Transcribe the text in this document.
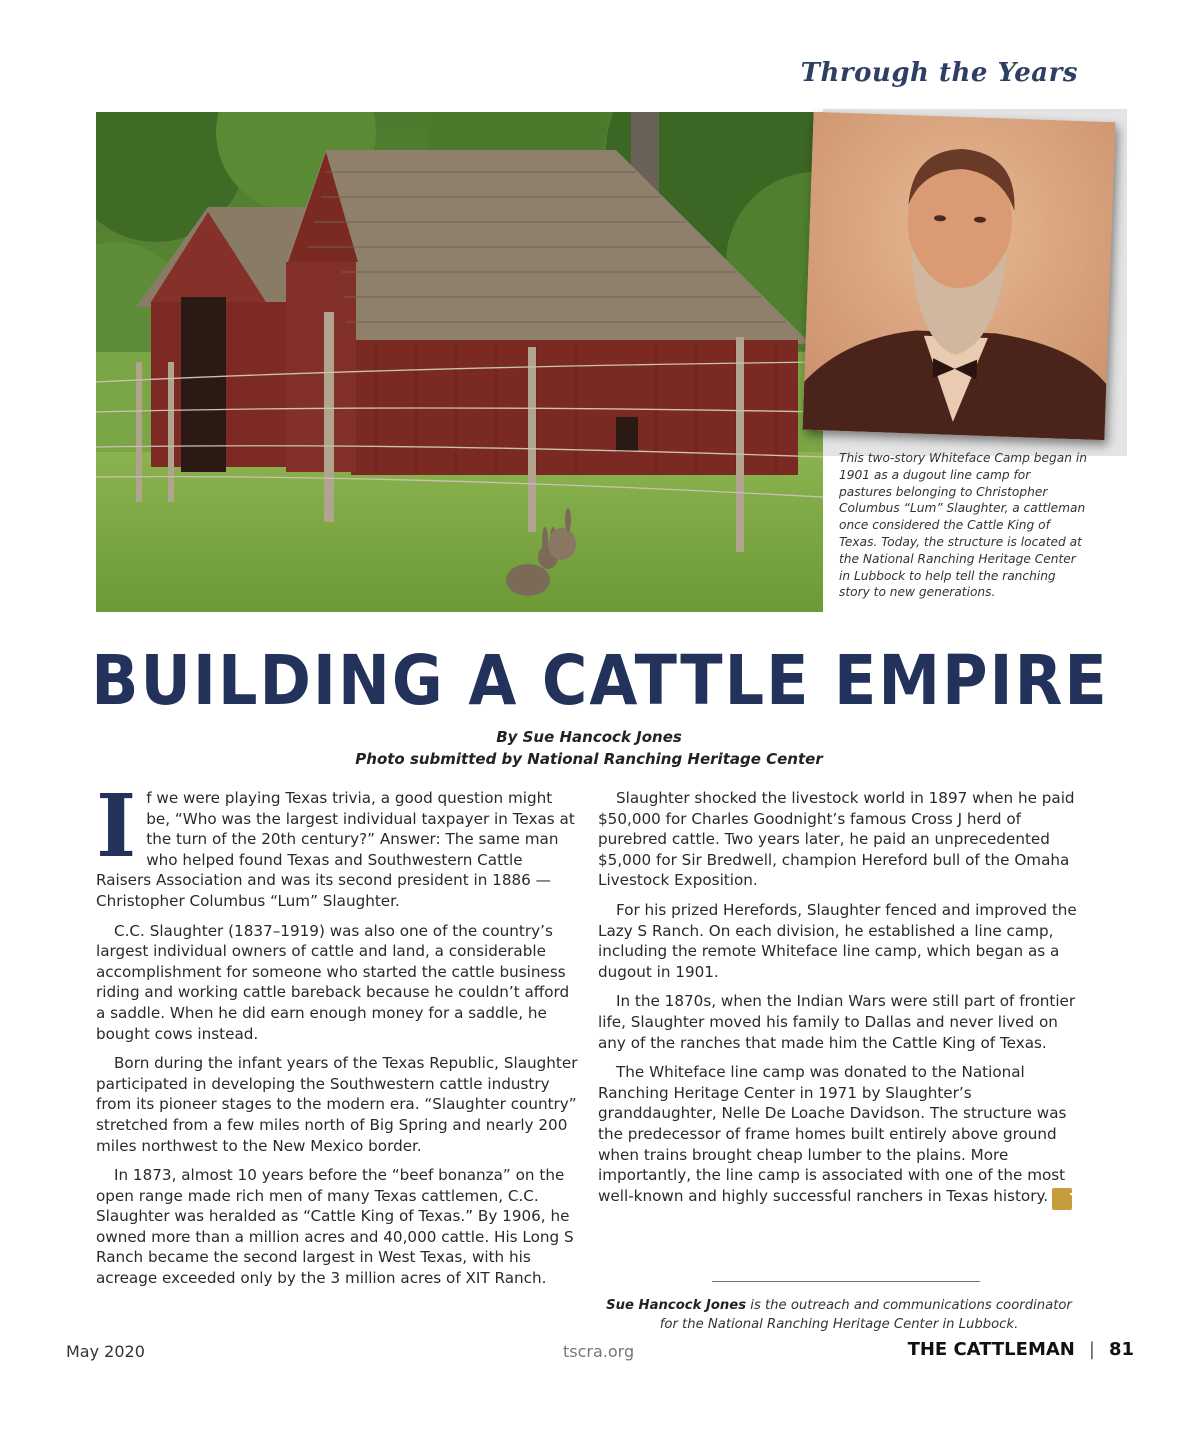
Through the Years
This two-story Whiteface Camp began in 1901 as a dugout line camp for pastures belonging to Christopher Columbus “Lum” Slaughter, a cattleman once considered the Cattle King of Texas. Today, the structure is located at the National Ranching Heritage Center in Lubbock to help tell the ranching story to new generations.
BUILDING A CATTLE EMPIRE
By Sue Hancock Jones
Photo submitted by National Ranching Heritage Center

If we were playing Texas trivia, a good question might be, “Who was the largest individual taxpayer in Texas at the turn of the 20th century?” Answer: The same man who helped found Texas and Southwestern Cattle Raisers Association and was its second president in 1886 — Christopher Columbus “Lum” Slaughter.

C.C. Slaughter (1837–1919) was also one of the country’s largest individual owners of cattle and land, a considerable accomplishment for someone who started the cattle business riding and working cattle bareback because he couldn’t afford a saddle. When he did earn enough money for a saddle, he bought cows instead.

Born during the infant years of the Texas Republic, Slaughter participated in developing the Southwestern cattle industry from its pioneer stages to the modern era. “Slaughter country” stretched from a few miles north of Big Spring and nearly 200 miles northwest to the New Mexico border.

In 1873, almost 10 years before the “beef bonanza” on the open range made rich men of many Texas cattlemen, C.C. Slaughter was heralded as “Cattle King of Texas.” By 1906, he owned more than a million acres and 40,000 cattle. His Long S Ranch became the second largest in West Texas, with his acreage exceeded only by the 3 million acres of XIT Ranch.

Slaughter shocked the livestock world in 1897 when he paid $50,000 for Charles Goodnight’s famous Cross J herd of purebred cattle. Two years later, he paid an unprecedented $5,000 for Sir Bredwell, champion Hereford bull of the Omaha Livestock Exposition.

For his prized Herefords, Slaughter fenced and improved the Lazy S Ranch. On each division, he established a line camp, including the remote Whiteface line camp, which began as a dugout in 1901.

In the 1870s, when the Indian Wars were still part of frontier life, Slaughter moved his family to Dallas and never lived on any of the ranches that made him the Cattle King of Texas.

The Whiteface line camp was donated to the National Ranching Heritage Center in 1971 by Slaughter’s granddaughter, Nelle De Loache Davidson. The structure was the predecessor of frame homes built entirely above ground when trains brought cheap lumber to the plains. More importantly, the line camp is associated with one of the most well-known and highly successful ranchers in Texas history. TC

Sue Hancock Jones is the outreach and communications coordinator for the National Ranching Heritage Center in Lubbock.
May 2020	tscra.org	THE CATTLEMAN | 81
